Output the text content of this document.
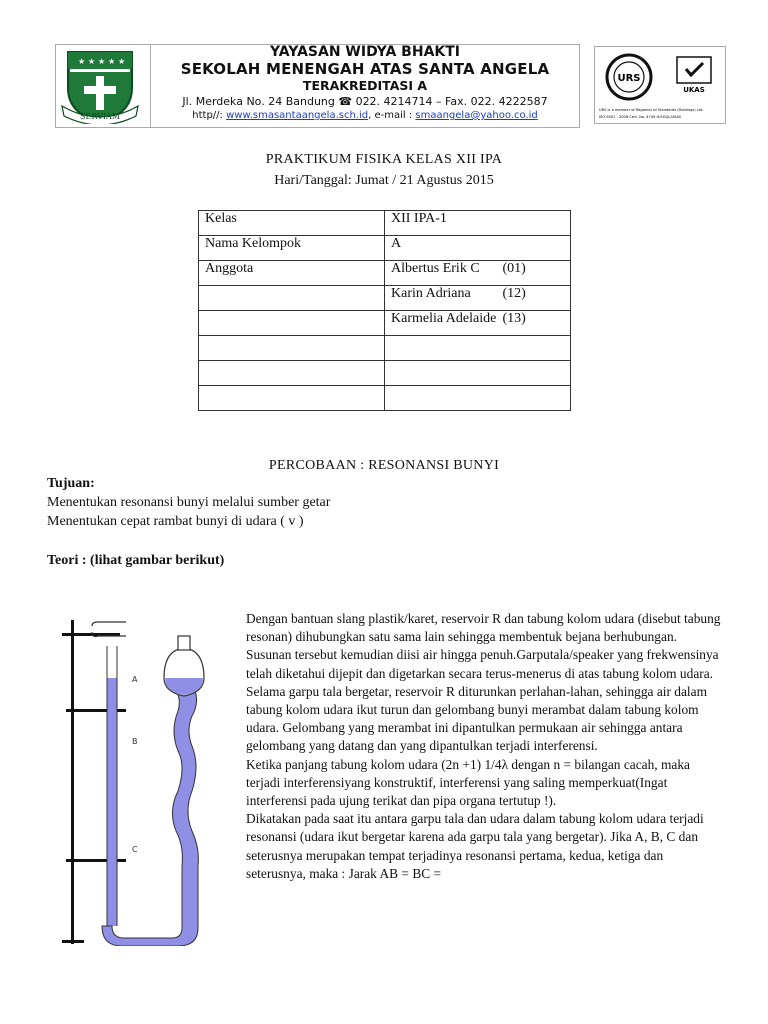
★ ★ ★ ★ ★
SERVIAM
YAYASAN WIDYA BHAKTI
SEKOLAH MENENGAH ATAS SANTA ANGELA
TERAKREDITASI A
Jl. Merdeka No. 24 Bandung ☎ 022. 4214714 – Fax. 022. 4222587
http//: www.smasantaangela.sch.id, e-mail : smaangela@yahoo.co.id
URS
UKAS
URS is a member of Registrar of Standards (Holdings) Ltd.
ISO 9001 : 2008 Cert. No. 4749 H/SGQL/UKAS
PRAKTIKUM FISIKA KELAS XII IPA
Hari/Tanggal: Jumat / 21 Agustus 2015
Kelas	XII IPA-1
Nama Kelompok	A
Anggota	Albertus Erik C (01)
	Karin Adriana (12)
	Karmelia Adelaide (13)

PERCOBAAN : RESONANSI BUNYI
Tujuan:
Menentukan resonansi bunyi melalui sumber getar
Menentukan cepat rambat bunyi di udara ( v )
Teori : (lihat gambar berikut)
A
B
C

Dengan bantuan slang plastik/karet, reservoir R dan tabung kolom udara (disebut tabung resonan) dihubungkan satu sama lain sehingga membentuk bejana berhubungan.

Susunan tersebut kemudian diisi air hingga penuh.Garputala/speaker yang frekwensinya telah diketahui dijepit dan digetarkan secara terus-menerus di atas tabung kolom udara.

Selama garpu tala bergetar, reservoir R diturunkan perlahan-lahan, sehingga air dalam tabung kolom udara ikut turun dan gelombang bunyi merambat dalam tabung kolom udara. Gelombang yang merambat ini dipantulkan permukaan air sehingga antara gelombang yang datang dan yang dipantulkan terjadi interferensi.

Ketika panjang tabung kolom udara (2n +1) 1/4λ dengan n = bilangan cacah, maka terjadi interferensiyang konstruktif, interferensi yang saling memperkuat(Ingat interferensi pada ujung terikat dan pipa organa tertutup !).

Dikatakan pada saat itu antara garpu tala dan udara dalam tabung kolom udara terjadi resonansi (udara ikut bergetar karena ada garpu tala yang bergetar). Jika A, B, C dan seterusnya merupakan tempat terjadinya resonansi pertama, kedua, ketiga dan seterusnya, maka : Jarak AB = BC =
